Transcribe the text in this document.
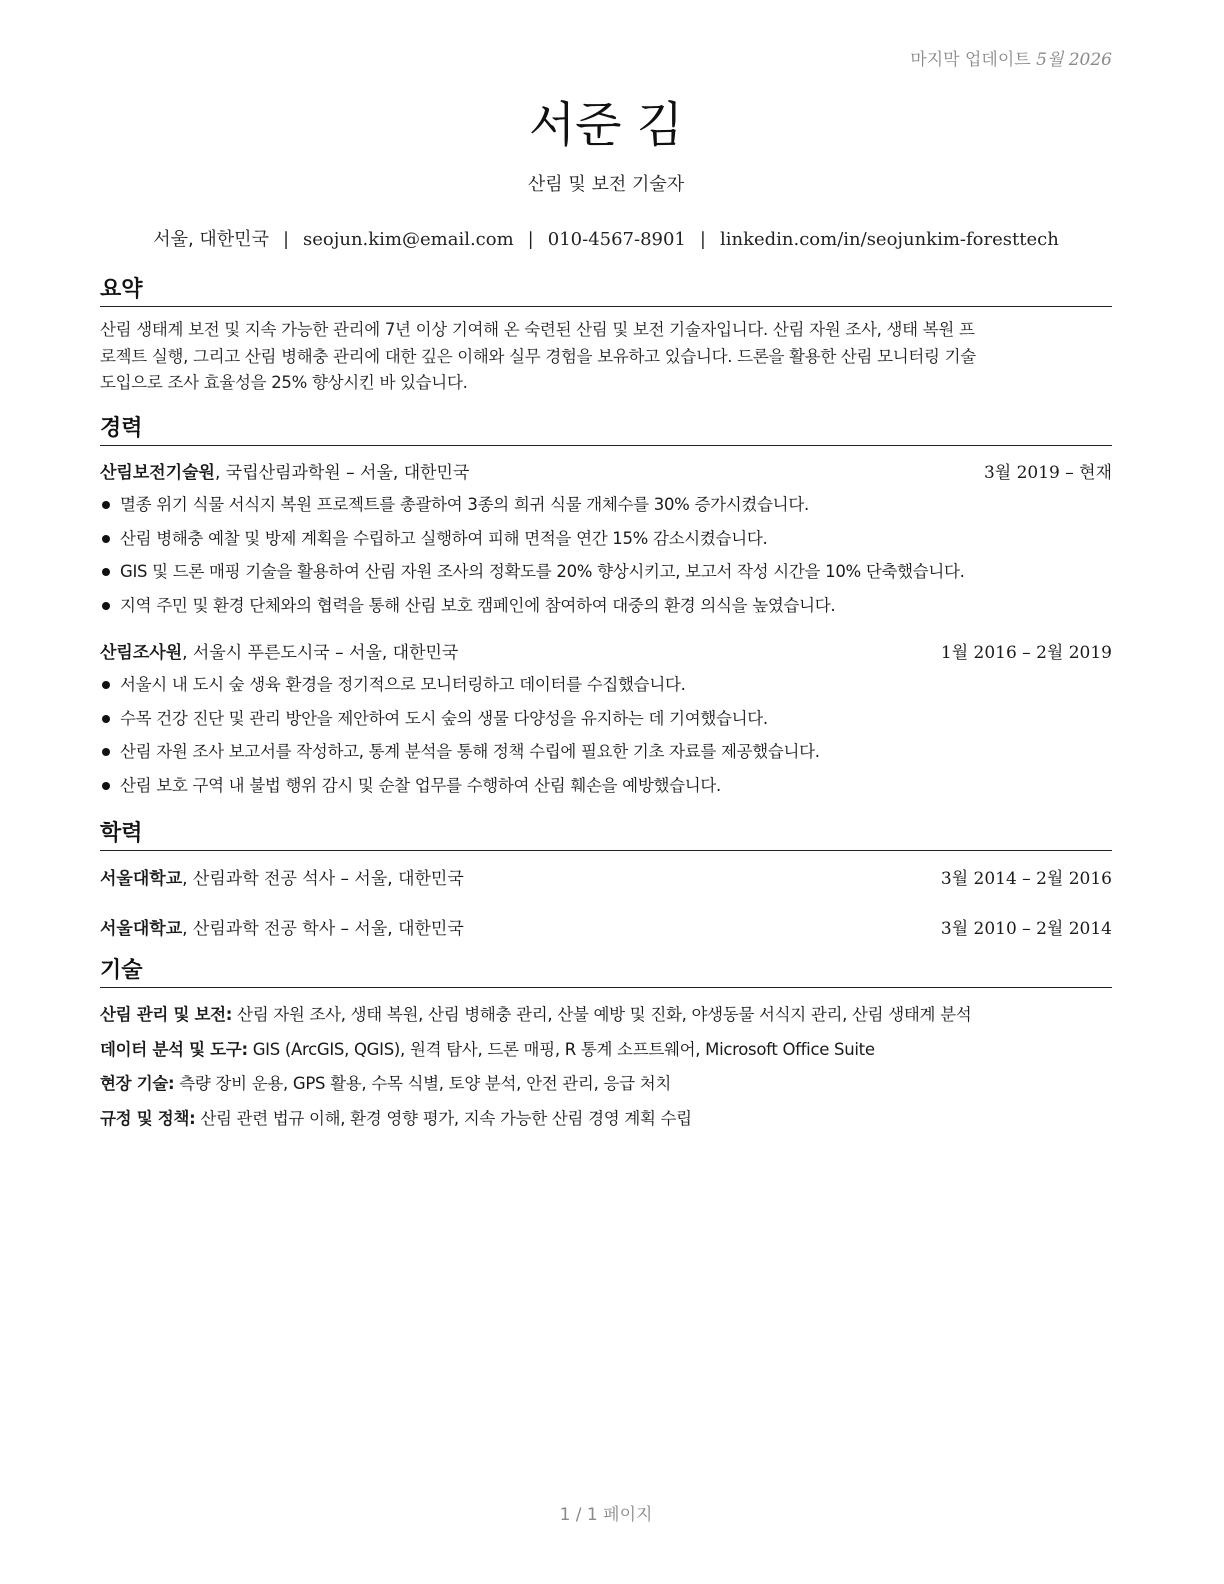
마지막 업데이트 5월 2026
서준 김
산림 및 보전 기술자
서울, 대한민국 | seojun.kim@email.com | 010-4567-8901 | linkedin.com/in/seojunkim-foresttech
요약
산림 생태계 보전 및 지속 가능한 관리에 7년 이상 기여해 온 숙련된 산림 및 보전 기술자입니다. 산림 자원 조사, 생태 복원 프
로젝트 실행, 그리고 산림 병해충 관리에 대한 깊은 이해와 실무 경험을 보유하고 있습니다. 드론을 활용한 산림 모니터링 기술
도입으로 조사 효율성을 25% 향상시킨 바 있습니다.
경력
산림보전기술원, 국립산림과학원 – 서울, 대한민국	3월 2019 – 현재
멸종 위기 식물 서식지 복원 프로젝트를 총괄하여 3종의 희귀 식물 개체수를 30% 증가시켰습니다.
산림 병해충 예찰 및 방제 계획을 수립하고 실행하여 피해 면적을 연간 15% 감소시켰습니다.
GIS 및 드론 매핑 기술을 활용하여 산림 자원 조사의 정확도를 20% 향상시키고, 보고서 작성 시간을 10% 단축했습니다.
지역 주민 및 환경 단체와의 협력을 통해 산림 보호 캠페인에 참여하여 대중의 환경 의식을 높였습니다.
산림조사원, 서울시 푸른도시국 – 서울, 대한민국	1월 2016 – 2월 2019
서울시 내 도시 숲 생육 환경을 정기적으로 모니터링하고 데이터를 수집했습니다.
수목 건강 진단 및 관리 방안을 제안하여 도시 숲의 생물 다양성을 유지하는 데 기여했습니다.
산림 자원 조사 보고서를 작성하고, 통계 분석을 통해 정책 수립에 필요한 기초 자료를 제공했습니다.
산림 보호 구역 내 불법 행위 감시 및 순찰 업무를 수행하여 산림 훼손을 예방했습니다.
학력
서울대학교, 산림과학 전공 석사 – 서울, 대한민국	3월 2014 – 2월 2016
서울대학교, 산림과학 전공 학사 – 서울, 대한민국	3월 2010 – 2월 2014
기술
산림 관리 및 보전: 산림 자원 조사, 생태 복원, 산림 병해충 관리, 산불 예방 및 진화, 야생동물 서식지 관리, 산림 생태계 분석
데이터 분석 및 도구: GIS (ArcGIS, QGIS), 원격 탐사, 드론 매핑, R 통계 소프트웨어, Microsoft Office Suite
현장 기술: 측량 장비 운용, GPS 활용, 수목 식별, 토양 분석, 안전 관리, 응급 처치
규정 및 정책: 산림 관련 법규 이해, 환경 영향 평가, 지속 가능한 산림 경영 계획 수립
1 / 1 페이지
